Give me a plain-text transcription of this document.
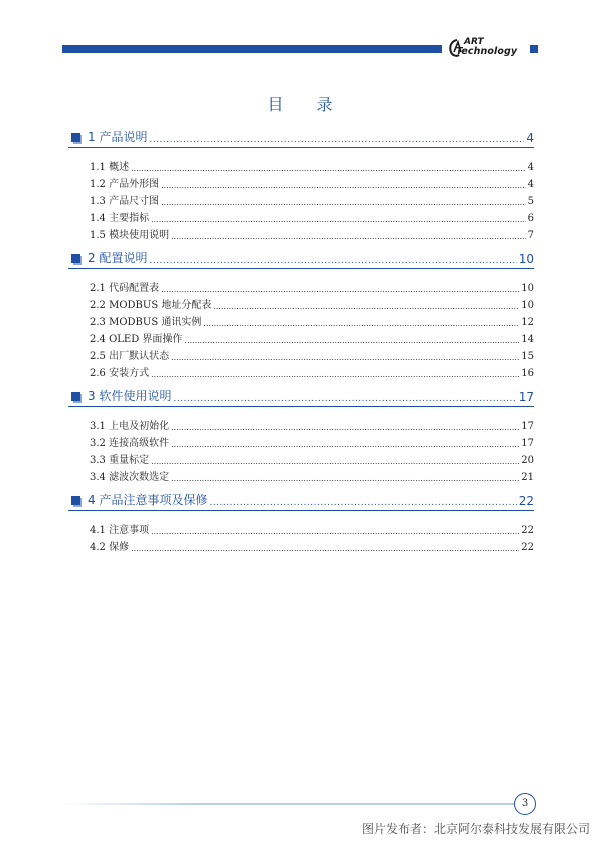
ART
Technology
目 录
1 产品说明 .....	4
1.1 概述 .....	4
1.2 产品外形图 .....	4
1.3 产品尺寸图 .....	5
1.4 主要指标 .....	6
1.5 模块使用说明 .....	7
2 配置说明 .....	10
2.1 代码配置表 .....	10
2.2 MODBUS 地址分配表 .....	10
2.3 MODBUS 通讯实例 .....	12
2.4 OLED 界面操作 .....	14
2.5 出厂默认状态 .....	15
2.6 安装方式 .....	16
3 软件使用说明 .....	17
3.1 上电及初始化 .....	17
3.2 连接高级软件 .....	17
3.3 重量标定 .....	20
3.4 滤波次数选定 .....	21
4 产品注意事项及保修 .....	22
4.1 注意事项 .....	22
4.2 保修 .....	22
3
图片发布者：北京阿尔泰科技发展有限公司
